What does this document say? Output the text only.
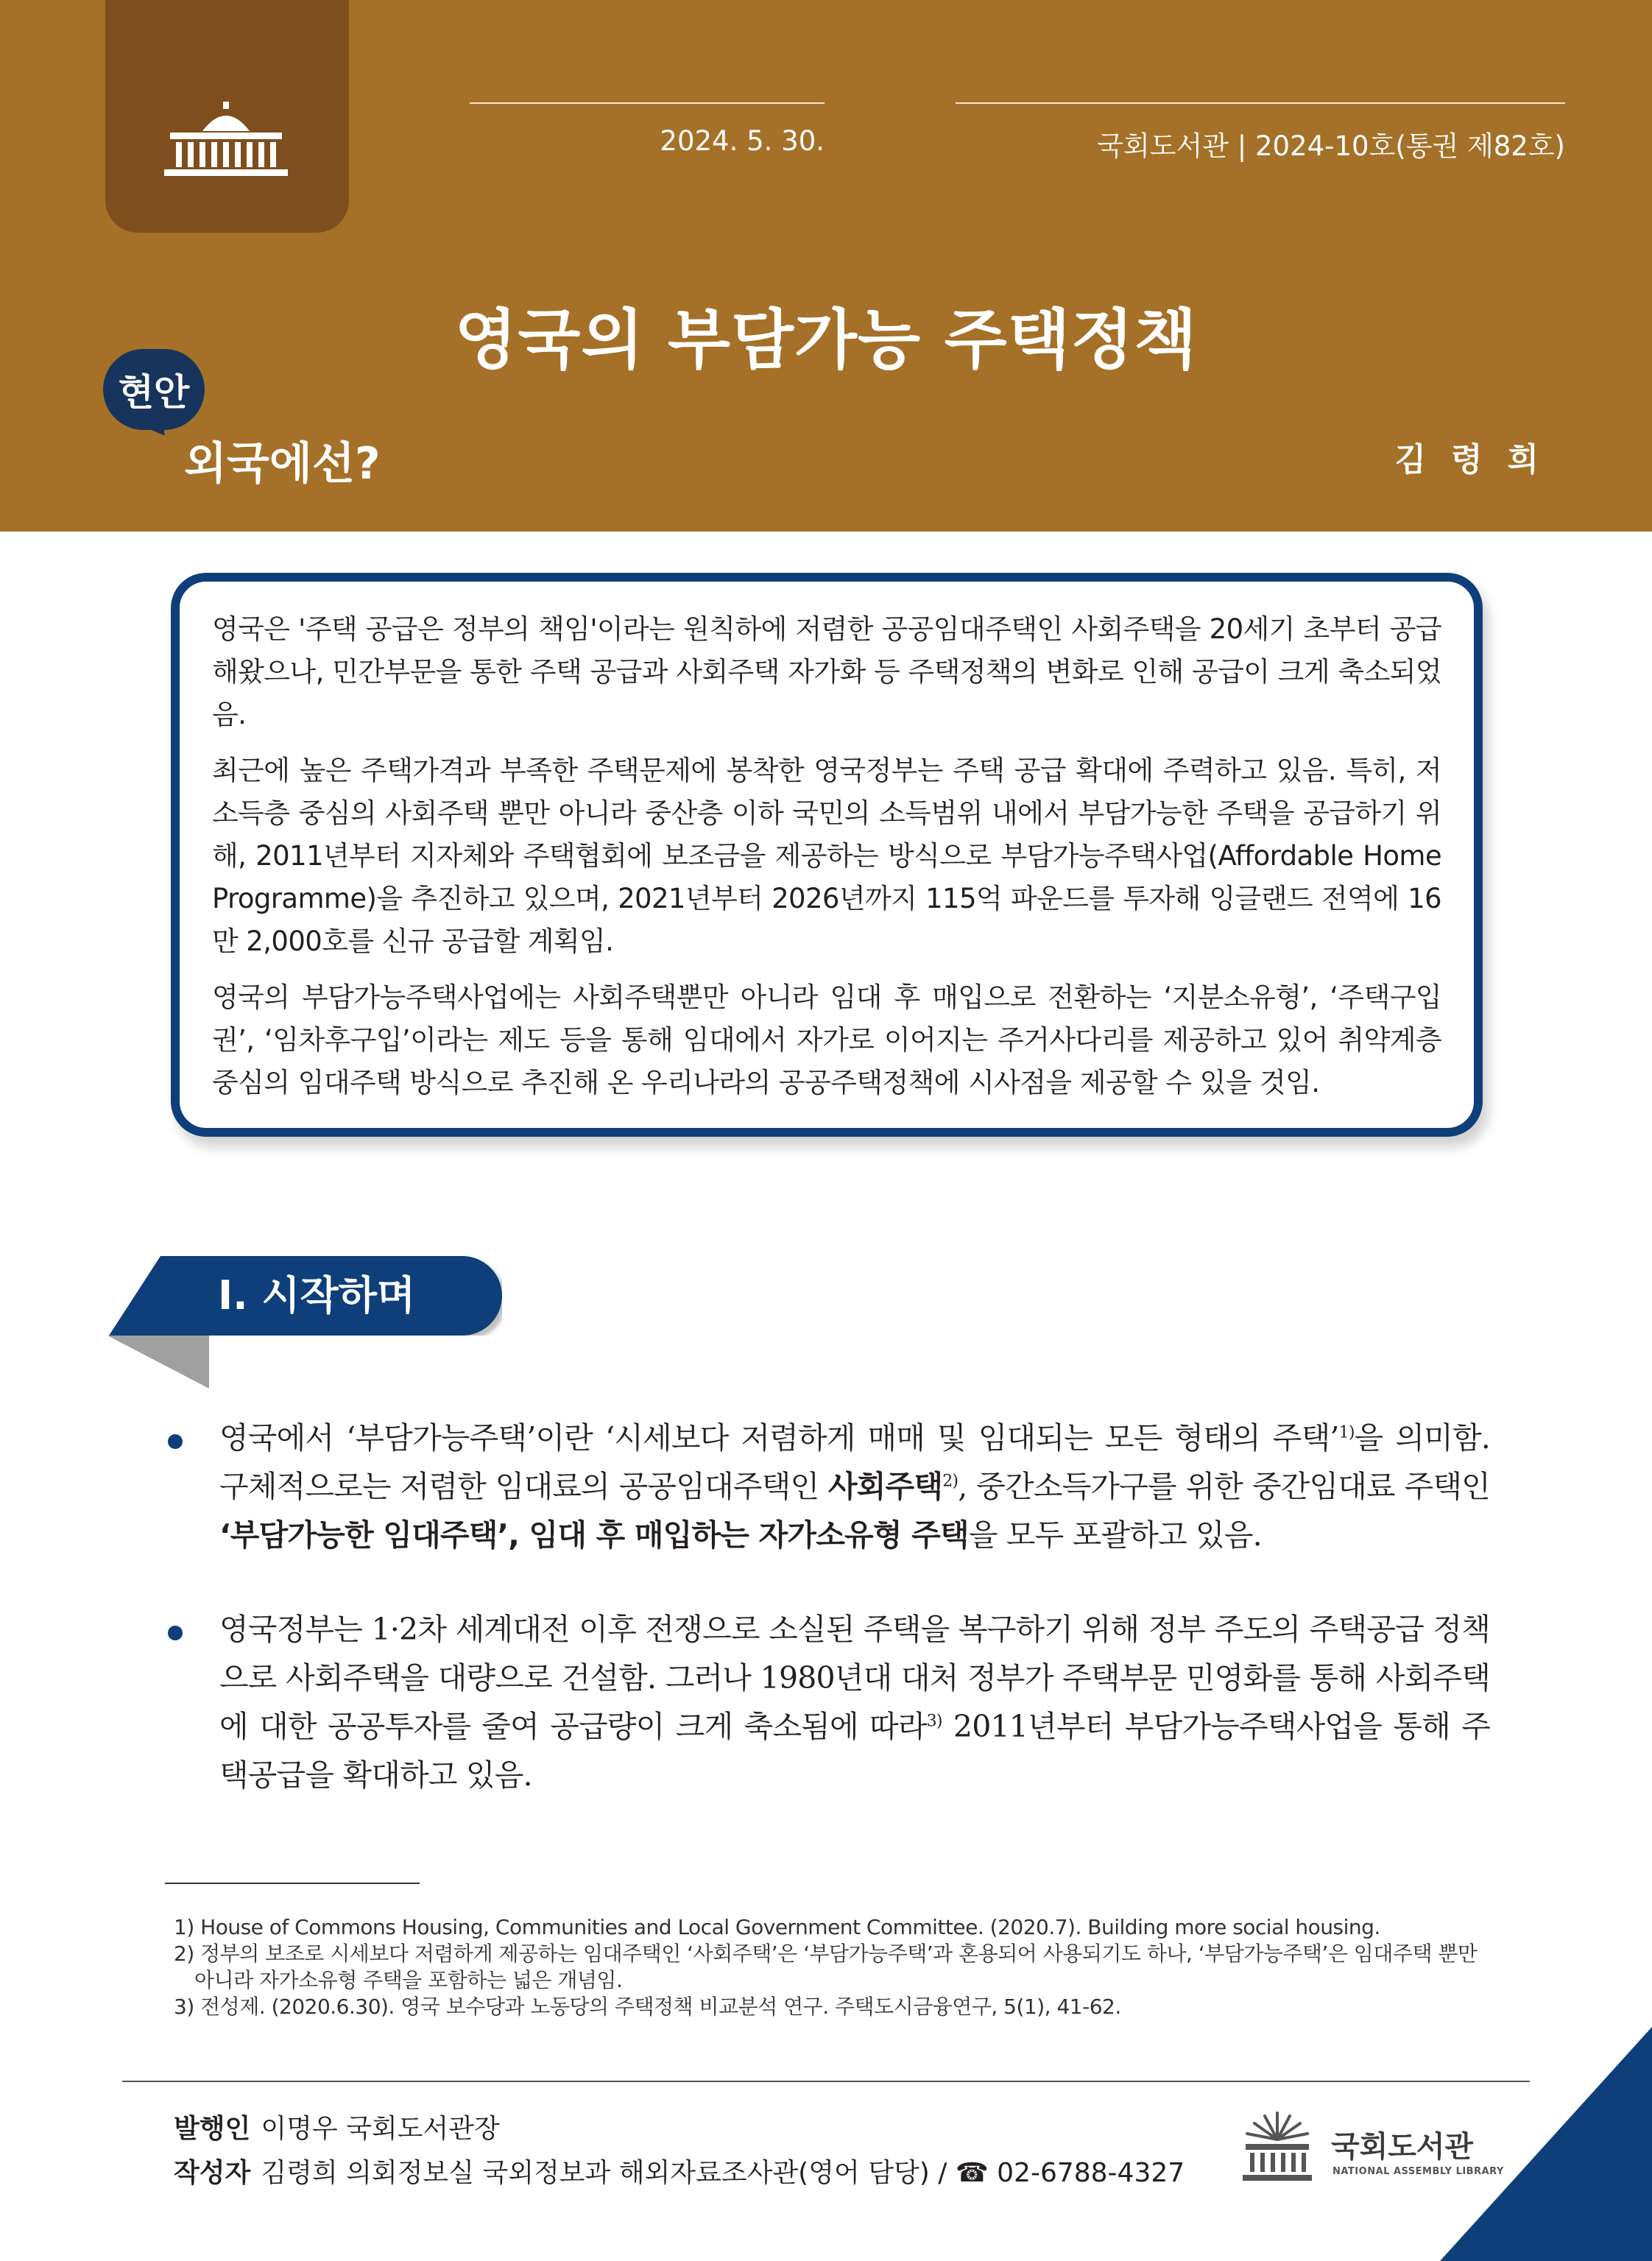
2024. 5. 30.	국회도서관 | 2024-10호(통권 제82호)
영국의 부담가능 주택정책
현안
외국에선?	김령희

영국은 '주택 공급은 정부의 책임'이라는 원칙하에 저렴한 공공임대주택인 사회주택을 20세기 초부터 공급해왔으나, 민간부문을 통한 주택 공급과 사회주택 자가화 등 주택정책의 변화로 인해 공급이 크게 축소되었음.

최근에 높은 주택가격과 부족한 주택문제에 봉착한 영국정부는 주택 공급 확대에 주력하고 있음. 특히, 저소득층 중심의 사회주택 뿐만 아니라 중산층 이하 국민의 소득범위 내에서 부담가능한 주택을 공급하기 위해, 2011년부터 지자체와 주택협회에 보조금을 제공하는 방식으로 부담가능주택사업(Affordable Home Programme)을 추진하고 있으며, 2021년부터 2026년까지 115억 파운드를 투자해 잉글랜드 전역에 16만 2,000호를 신규 공급할 계획임.

영국의 부담가능주택사업에는 사회주택뿐만 아니라 임대 후 매입으로 전환하는 ‘지분소유형’, ‘주택구입권’, ‘임차후구입’이라는 제도 등을 통해 임대에서 자가로 이어지는 주거사다리를 제공하고 있어 취약계층 중심의 임대주택 방식으로 추진해 온 우리나라의 공공주택정책에 시사점을 제공할 수 있을 것임.

Ⅰ. 시작하며
영국에서 ‘부담가능주택’이란 ‘시세보다 저렴하게 매매 및 임대되는 모든 형태의 주택’$^{1)}$을 의미함. 구체적으로는 저렴한 임대료의 공공임대주택인 사회주택$^{2)}$, 중간소득가구를 위한 중간임대료 주택인 ‘부담가능한 임대주택’, 임대 후 매입하는 자가소유형 주택을 모두 포괄하고 있음.
영국정부는 1·2차 세계대전 이후 전쟁으로 소실된 주택을 복구하기 위해 정부 주도의 주택공급 정책으로 사회주택을 대량으로 건설함. 그러나 1980년대 대처 정부가 주택부문 민영화를 통해 사회주택에 대한 공공투자를 줄여 공급량이 크게 축소됨에 따라$^{3)}$ 2011년부터 부담가능주택사업을 통해 주택공급을 확대하고 있음.
1) House of Commons Housing, Communities and Local Government Committee. (2020.7). Building more social housing.
2) 정부의 보조로 시세보다 저렴하게 제공하는 임대주택인 ‘사회주택’은 ‘부담가능주택’과 혼용되어 사용되기도 하나, ‘부담가능주택’은 임대주택 뿐만
아니라 자가소유형 주택을 포함하는 넓은 개념임.
3) 전성제. (2020.6.30). 영국 보수당과 노동당의 주택정책 비교분석 연구. 주택도시금융연구, 5(1), 41-62.
발행인 이명우 국회도서관장
작성자 김령희 의회정보실 국외정보과 해외자료조사관(영어 담당) / ☎ 02-6788-4327
국회도서관
NATIONAL ASSEMBLY LIBRARY
